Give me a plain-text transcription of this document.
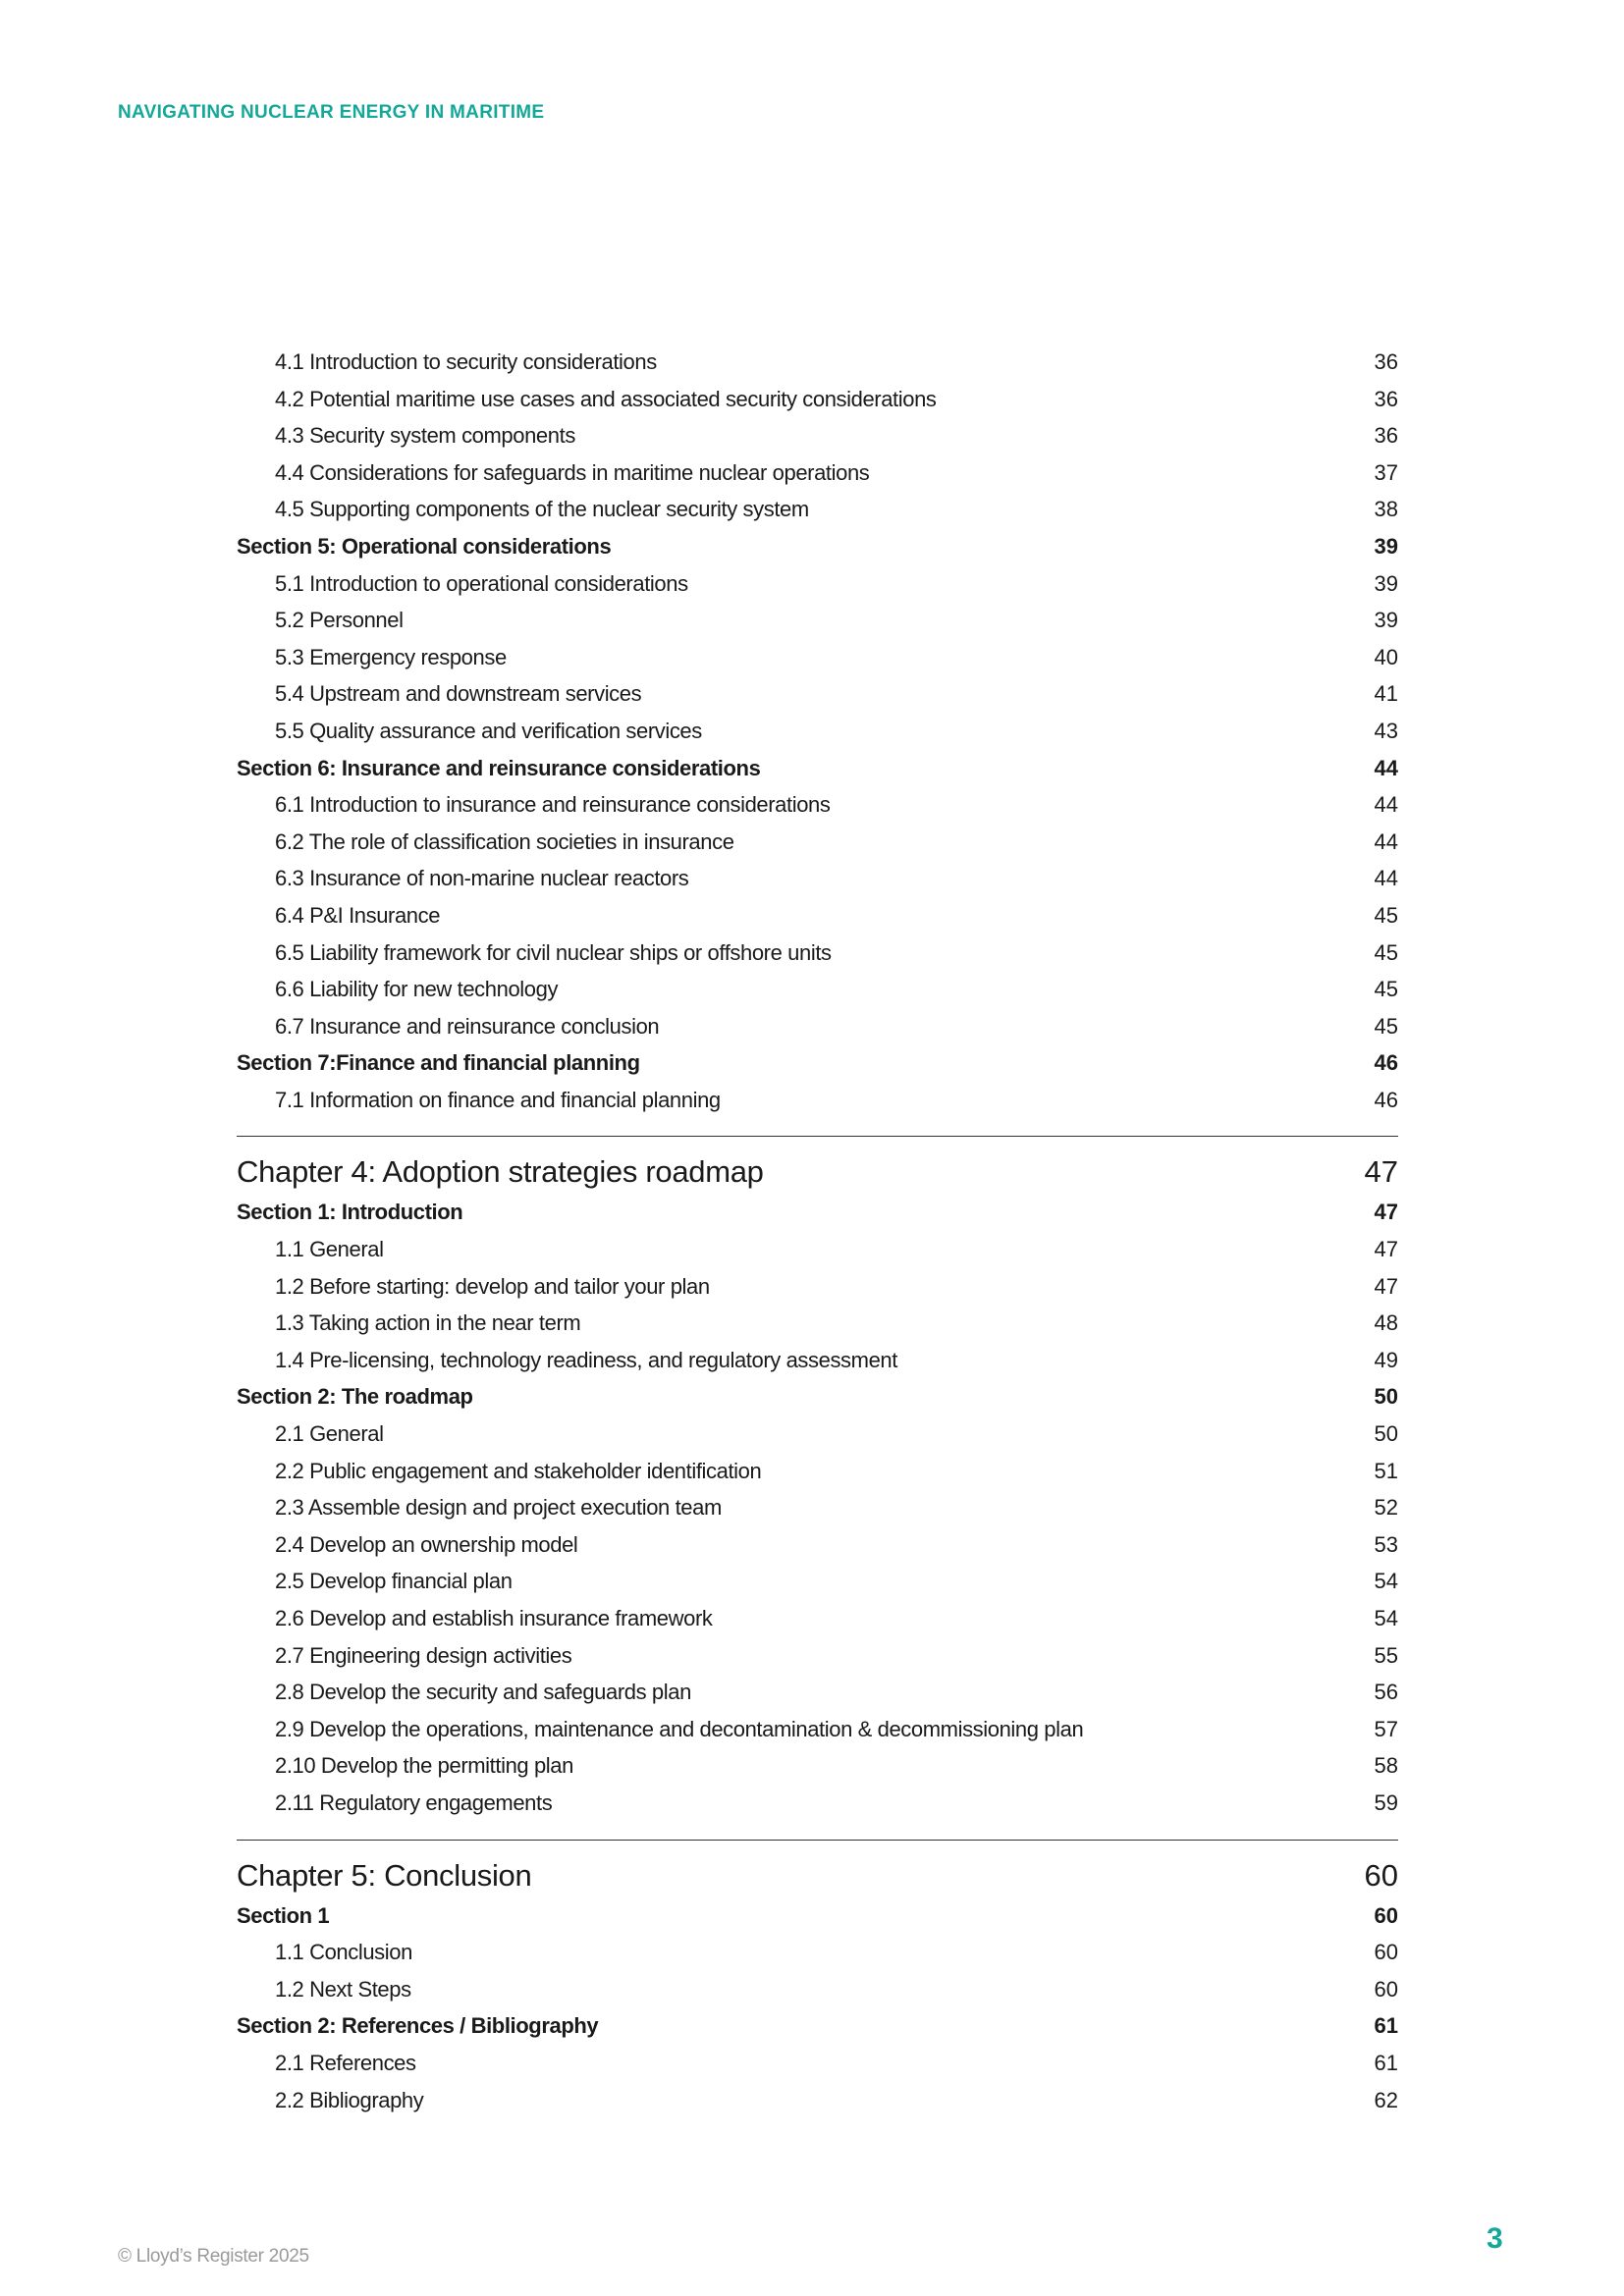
NAVIGATING NUCLEAR ENERGY IN MARITIME
4.1 Introduction to security considerations	36
4.2 Potential maritime use cases and associated security considerations	36
4.3 Security system components	36
4.4 Considerations for safeguards in maritime nuclear operations	37
4.5 Supporting components of the nuclear security system	38
Section 5: Operational considerations	39
5.1 Introduction to operational considerations	39
5.2 Personnel	39
5.3 Emergency response	40
5.4 Upstream and downstream services	41
5.5 Quality assurance and verification services	43
Section 6: Insurance and reinsurance considerations	44
6.1 Introduction to insurance and reinsurance considerations	44
6.2 The role of classification societies in insurance	44
6.3 Insurance of non-marine nuclear reactors	44
6.4 P&I Insurance	45
6.5 Liability framework for civil nuclear ships or offshore units	45
6.6 Liability for new technology	45
6.7 Insurance and reinsurance conclusion	45
Section 7:Finance and financial planning	46
7.1 Information on finance and financial planning	46
Chapter 4: Adoption strategies roadmap	47
Section 1: Introduction	47
1.1 General	47
1.2 Before starting: develop and tailor your plan	47
1.3 Taking action in the near term	48
1.4 Pre-licensing, technology readiness, and regulatory assessment	49
Section 2: The roadmap	50
2.1 General	50
2.2 Public engagement and stakeholder identification	51
2.3 Assemble design and project execution team	52
2.4 Develop an ownership model	53
2.5 Develop financial plan	54
2.6 Develop and establish insurance framework	54
2.7 Engineering design activities	55
2.8 Develop the security and safeguards plan	56
2.9 Develop the operations, maintenance and decontamination & decommissioning plan	57
2.10 Develop the permitting plan	58
2.11 Regulatory engagements	59
Chapter 5: Conclusion	60
Section 1	60
1.1 Conclusion	60
1.2 Next Steps	60
Section 2: References / Bibliography	61
2.1 References	61
2.2 Bibliography	62
© Lloyd’s Register 2025
3
